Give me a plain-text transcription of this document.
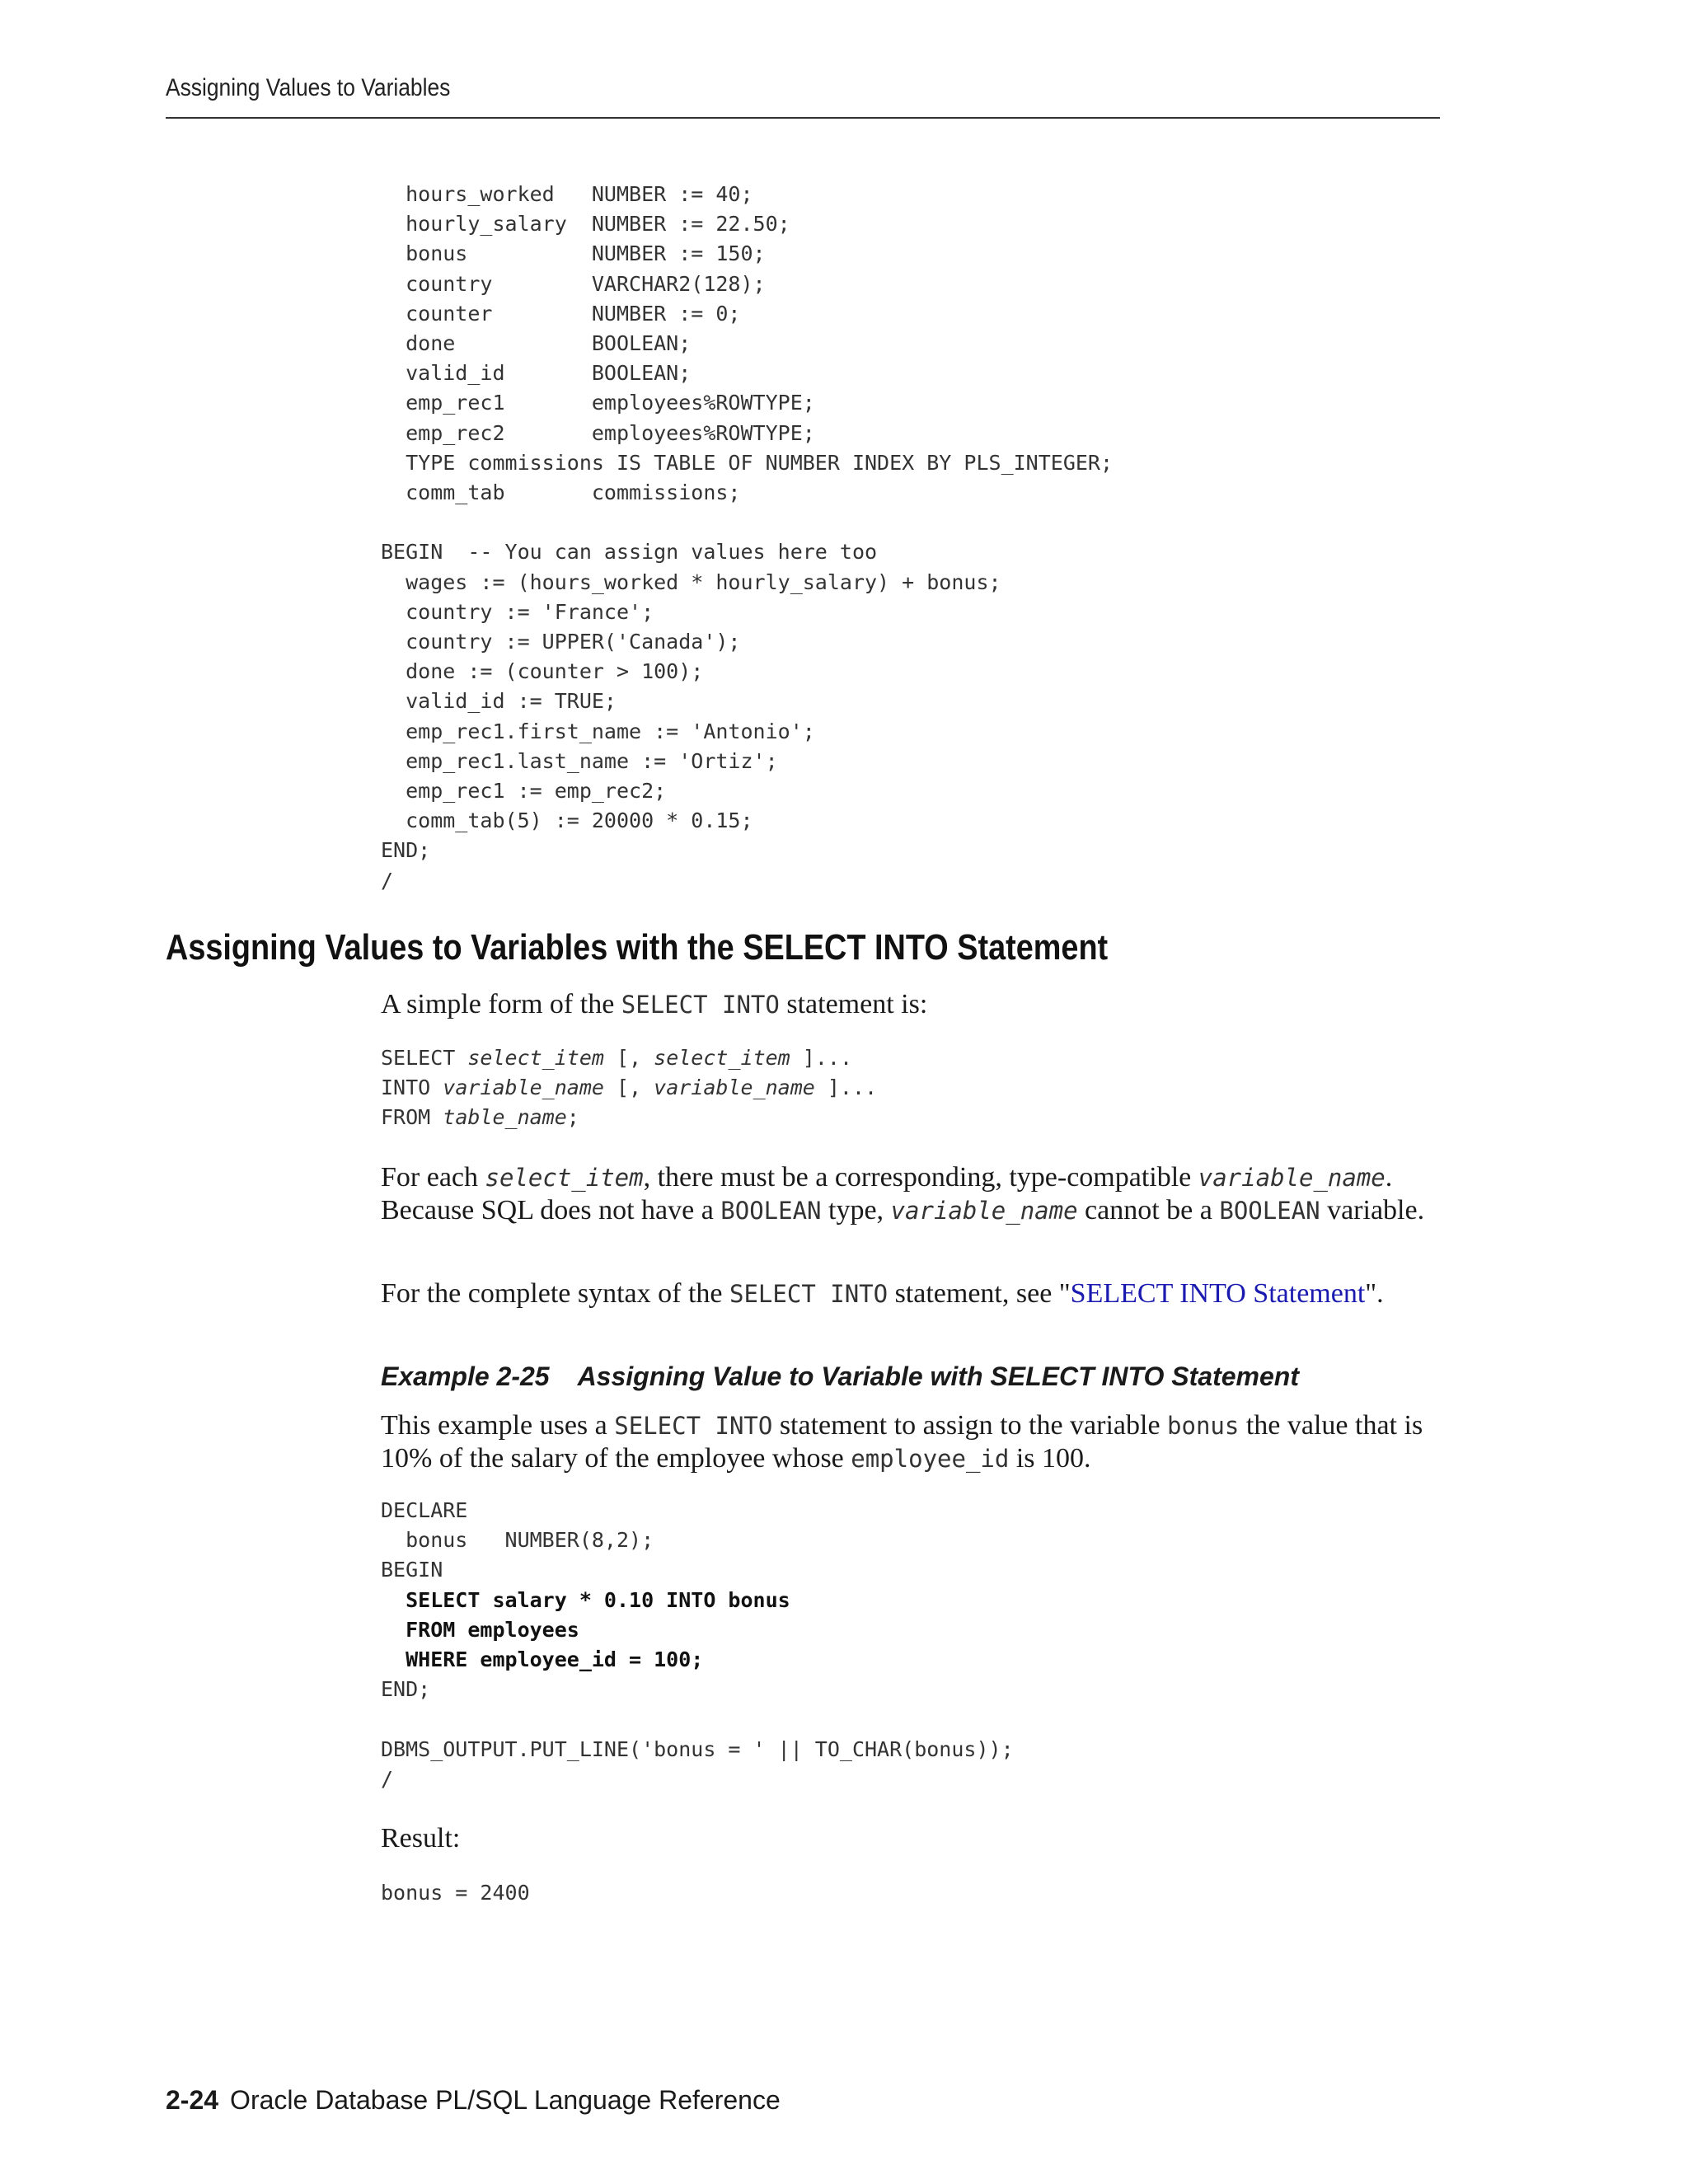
Assigning Values to Variables
hours_worked   NUMBER := 40;
hourly_salary  NUMBER := 22.50;
bonus          NUMBER := 150;
country        VARCHAR2(128);
counter        NUMBER := 0;
done           BOOLEAN;
valid_id       BOOLEAN;
emp_rec1       employees%ROWTYPE;
emp_rec2       employees%ROWTYPE;
TYPE commissions IS TABLE OF NUMBER INDEX BY PLS_INTEGER;
comm_tab       commissions;

BEGIN  -- You can assign values here too
wages := (hours_worked * hourly_salary) + bonus;
country := 'France';
country := UPPER('Canada');
done := (counter > 100);
valid_id := TRUE;
emp_rec1.first_name := 'Antonio';
emp_rec1.last_name := 'Ortiz';
emp_rec1 := emp_rec2;
comm_tab(5) := 20000 * 0.15;
END;
/
Assigning Values to Variables with the SELECT INTO Statement

A simple form of the SELECT INTO statement is:

SELECT select_item [, select_item ]...
INTO variable_name [, variable_name ]...
FROM table_name;

For each select_item, there must be a corresponding, type-compatible variable_name. Because SQL does not have a BOOLEAN type, variable_name cannot be a BOOLEAN variable.

For the complete syntax of the SELECT INTO statement, see "SELECT INTO Statement".

Example 2-25 Assigning Value to Variable with SELECT INTO Statement

This example uses a SELECT INTO statement to assign to the variable bonus the value that is 10% of the salary of the employee whose employee_id is 100.

DECLARE
bonus   NUMBER(8,2);
BEGIN
SELECT salary * 0.10 INTO bonus
FROM employees
WHERE employee_id = 100;
END;

DBMS_OUTPUT.PUT_LINE('bonus = ' || TO_CHAR(bonus));
/

Result:

bonus = 2400
2-24 Oracle Database PL/SQL Language Reference
